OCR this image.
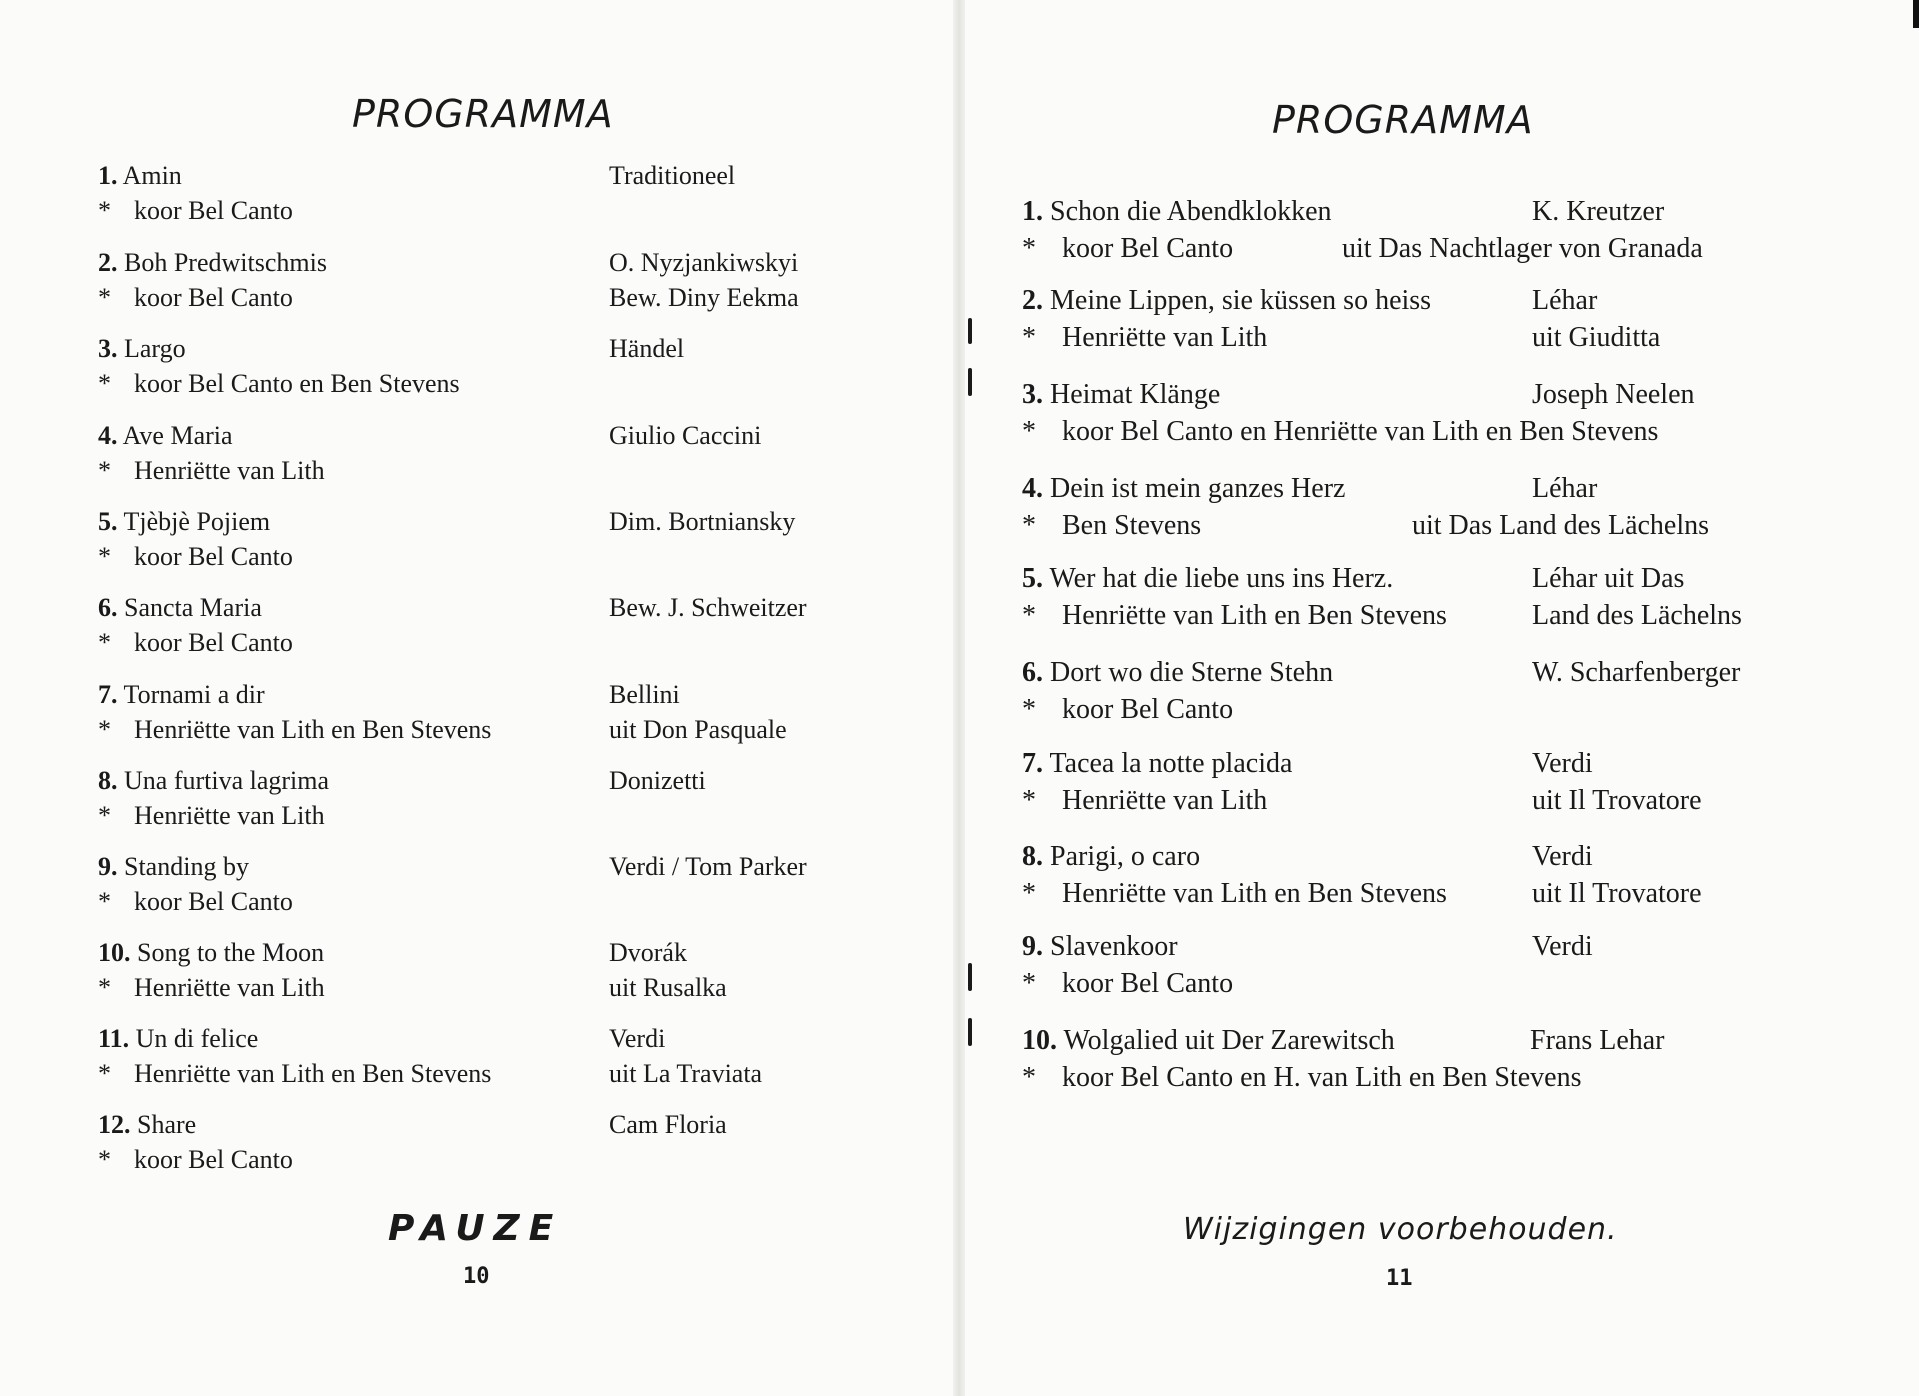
PROGRAMMA
1. Amin	Traditioneel
* koor Bel Canto
2. Boh Predwitschmis	O. Nyzjankiwskyi
* koor Bel Canto	Bew. Diny Eekma
3. Largo	Händel
* koor Bel Canto en Ben Stevens
4. Ave Maria	Giulio Caccini
* Henriëtte van Lith
5. Tjèbjè Pojiem	Dim. Bortniansky
* koor Bel Canto
6. Sancta Maria	Bew. J. Schweitzer
* koor Bel Canto
7. Tornami a dir	Bellini
* Henriëtte van Lith en Ben Stevens	uit Don Pasquale
8. Una furtiva lagrima	Donizetti
* Henriëtte van Lith
9. Standing by	Verdi / Tom Parker
* koor Bel Canto
10. Song to the Moon	Dvorák
* Henriëtte van Lith	uit Rusalka
11. Un di felice	Verdi
* Henriëtte van Lith en Ben Stevens	uit La Traviata
12. Share	Cam Floria
* koor Bel Canto
PAUZE
10
PROGRAMMA
1. Schon die Abendklokken	K. Kreutzer
* koor Bel Canto	uit Das Nachtlager von Granada
2. Meine Lippen, sie küssen so heiss	Léhar
* Henriëtte van Lith	uit Giuditta
3. Heimat Klänge	Joseph Neelen
* koor Bel Canto en Henriëtte van Lith en Ben Stevens
4. Dein ist mein ganzes Herz	Léhar
* Ben Stevens	uit Das Land des Lächelns
5. Wer hat die liebe uns ins Herz.	Léhar uit Das
* Henriëtte van Lith en Ben Stevens	Land des Lächelns
6. Dort wo die Sterne Stehn	W. Scharfenberger
* koor Bel Canto
7. Tacea la notte placida	Verdi
* Henriëtte van Lith	uit Il Trovatore
8. Parigi, o caro	Verdi
* Henriëtte van Lith en Ben Stevens	uit Il Trovatore
9. Slavenkoor	Verdi
* koor Bel Canto
10. Wolgalied uit Der Zarewitsch	Frans Lehar
* koor Bel Canto en H. van Lith en Ben Stevens
Wijzigingen voorbehouden.
11
